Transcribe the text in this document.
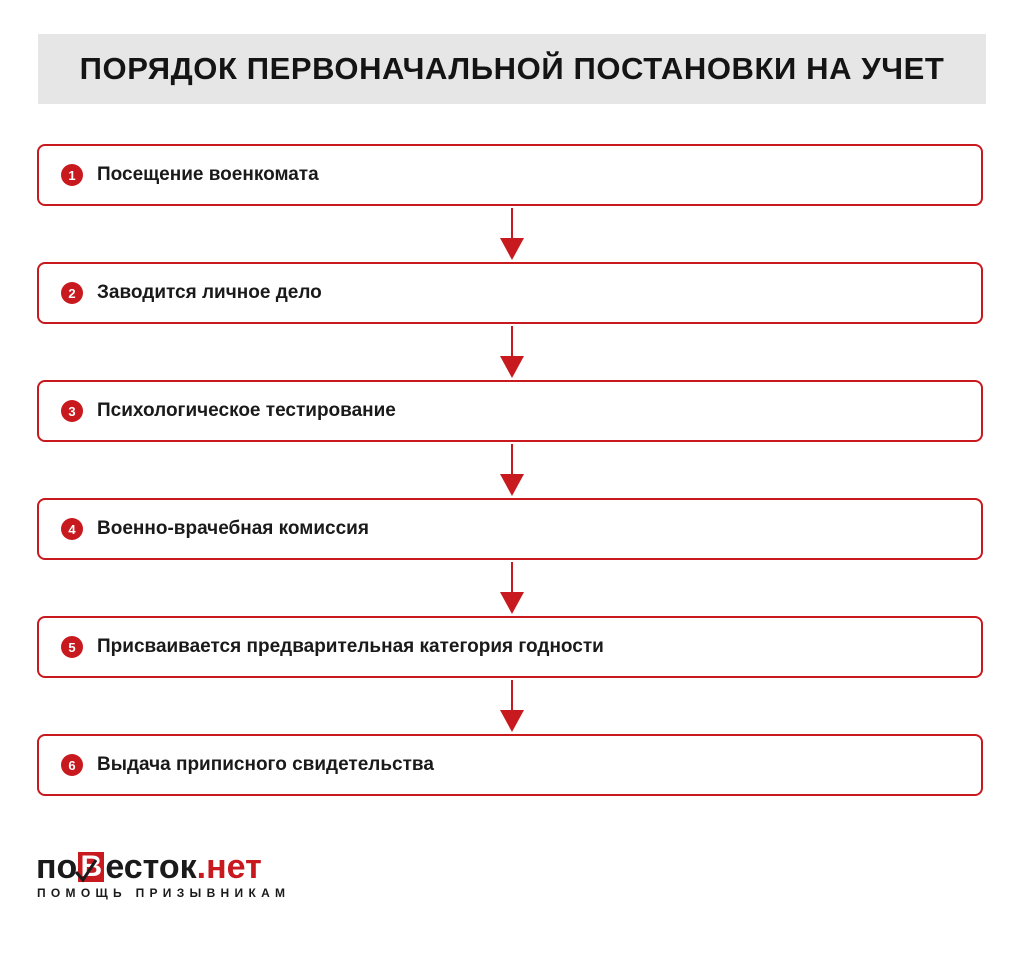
ПОРЯДОК ПЕРВОНАЧАЛЬНОЙ ПОСТАНОВКИ НА УЧЕТ
1	Посещение военкомата
2	Заводится личное дело
3	Психологическое тестирование
4	Военно-врачебная комиссия
5	Присваивается предварительная категория годности
6	Выдача приписного свидетельства
по В
есток.нет
ПОМОЩЬ ПРИЗЫВНИКАМ
